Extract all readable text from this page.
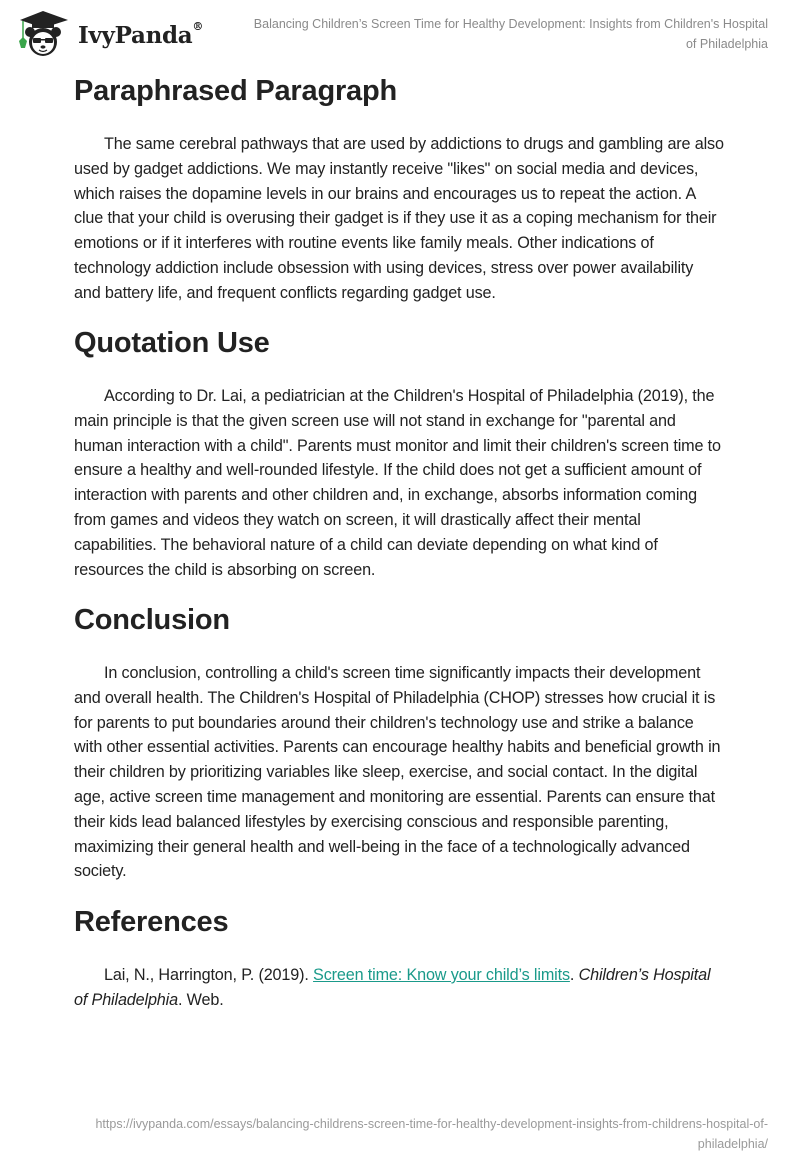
IvyPanda®	Balancing Children’s Screen Time for Healthy Development: Insights from Children's Hospital of Philadelphia
Paraphrased Paragraph

The same cerebral pathways that are used by addictions to drugs and gambling are also used by gadget addictions. We may instantly receive "likes" on social media and devices, which raises the dopamine levels in our brains and encourages us to repeat the action. A clue that your child is overusing their gadget is if they use it as a coping mechanism for their emotions or if it interferes with routine events like family meals. Other indications of technology addiction include obsession with using devices, stress over power availability and battery life, and frequent conflicts regarding gadget use.

Quotation Use

According to Dr. Lai, a pediatrician at the Children's Hospital of Philadelphia (2019), the main principle is that the given screen use will not stand in exchange for "parental and human interaction with a child". Parents must monitor and limit their children's screen time to ensure a healthy and well-rounded lifestyle. If the child does not get a sufficient amount of interaction with parents and other children and, in exchange, absorbs information coming from games and videos they watch on screen, it will drastically affect their mental capabilities. The behavioral nature of a child can deviate depending on what kind of resources the child is absorbing on screen.

Conclusion

In conclusion, controlling a child's screen time significantly impacts their development and overall health. The Children's Hospital of Philadelphia (CHOP) stresses how crucial it is for parents to put boundaries around their children's technology use and strike a balance with other essential activities. Parents can encourage healthy habits and beneficial growth in their children by prioritizing variables like sleep, exercise, and social contact. In the digital age, active screen time management and monitoring are essential. Parents can ensure that their kids lead balanced lifestyles by exercising conscious and responsible parenting, maximizing their general health and well-being in the face of a technologically advanced society.

References

Lai, N., Harrington, P. (2019). Screen time: Know your child’s limits. Children’s Hospital of Philadelphia. Web.

https://ivypanda.com/essays/balancing-childrens-screen-time-for-healthy-development-insights-from-childrens-hospital-of-philadelphia/
